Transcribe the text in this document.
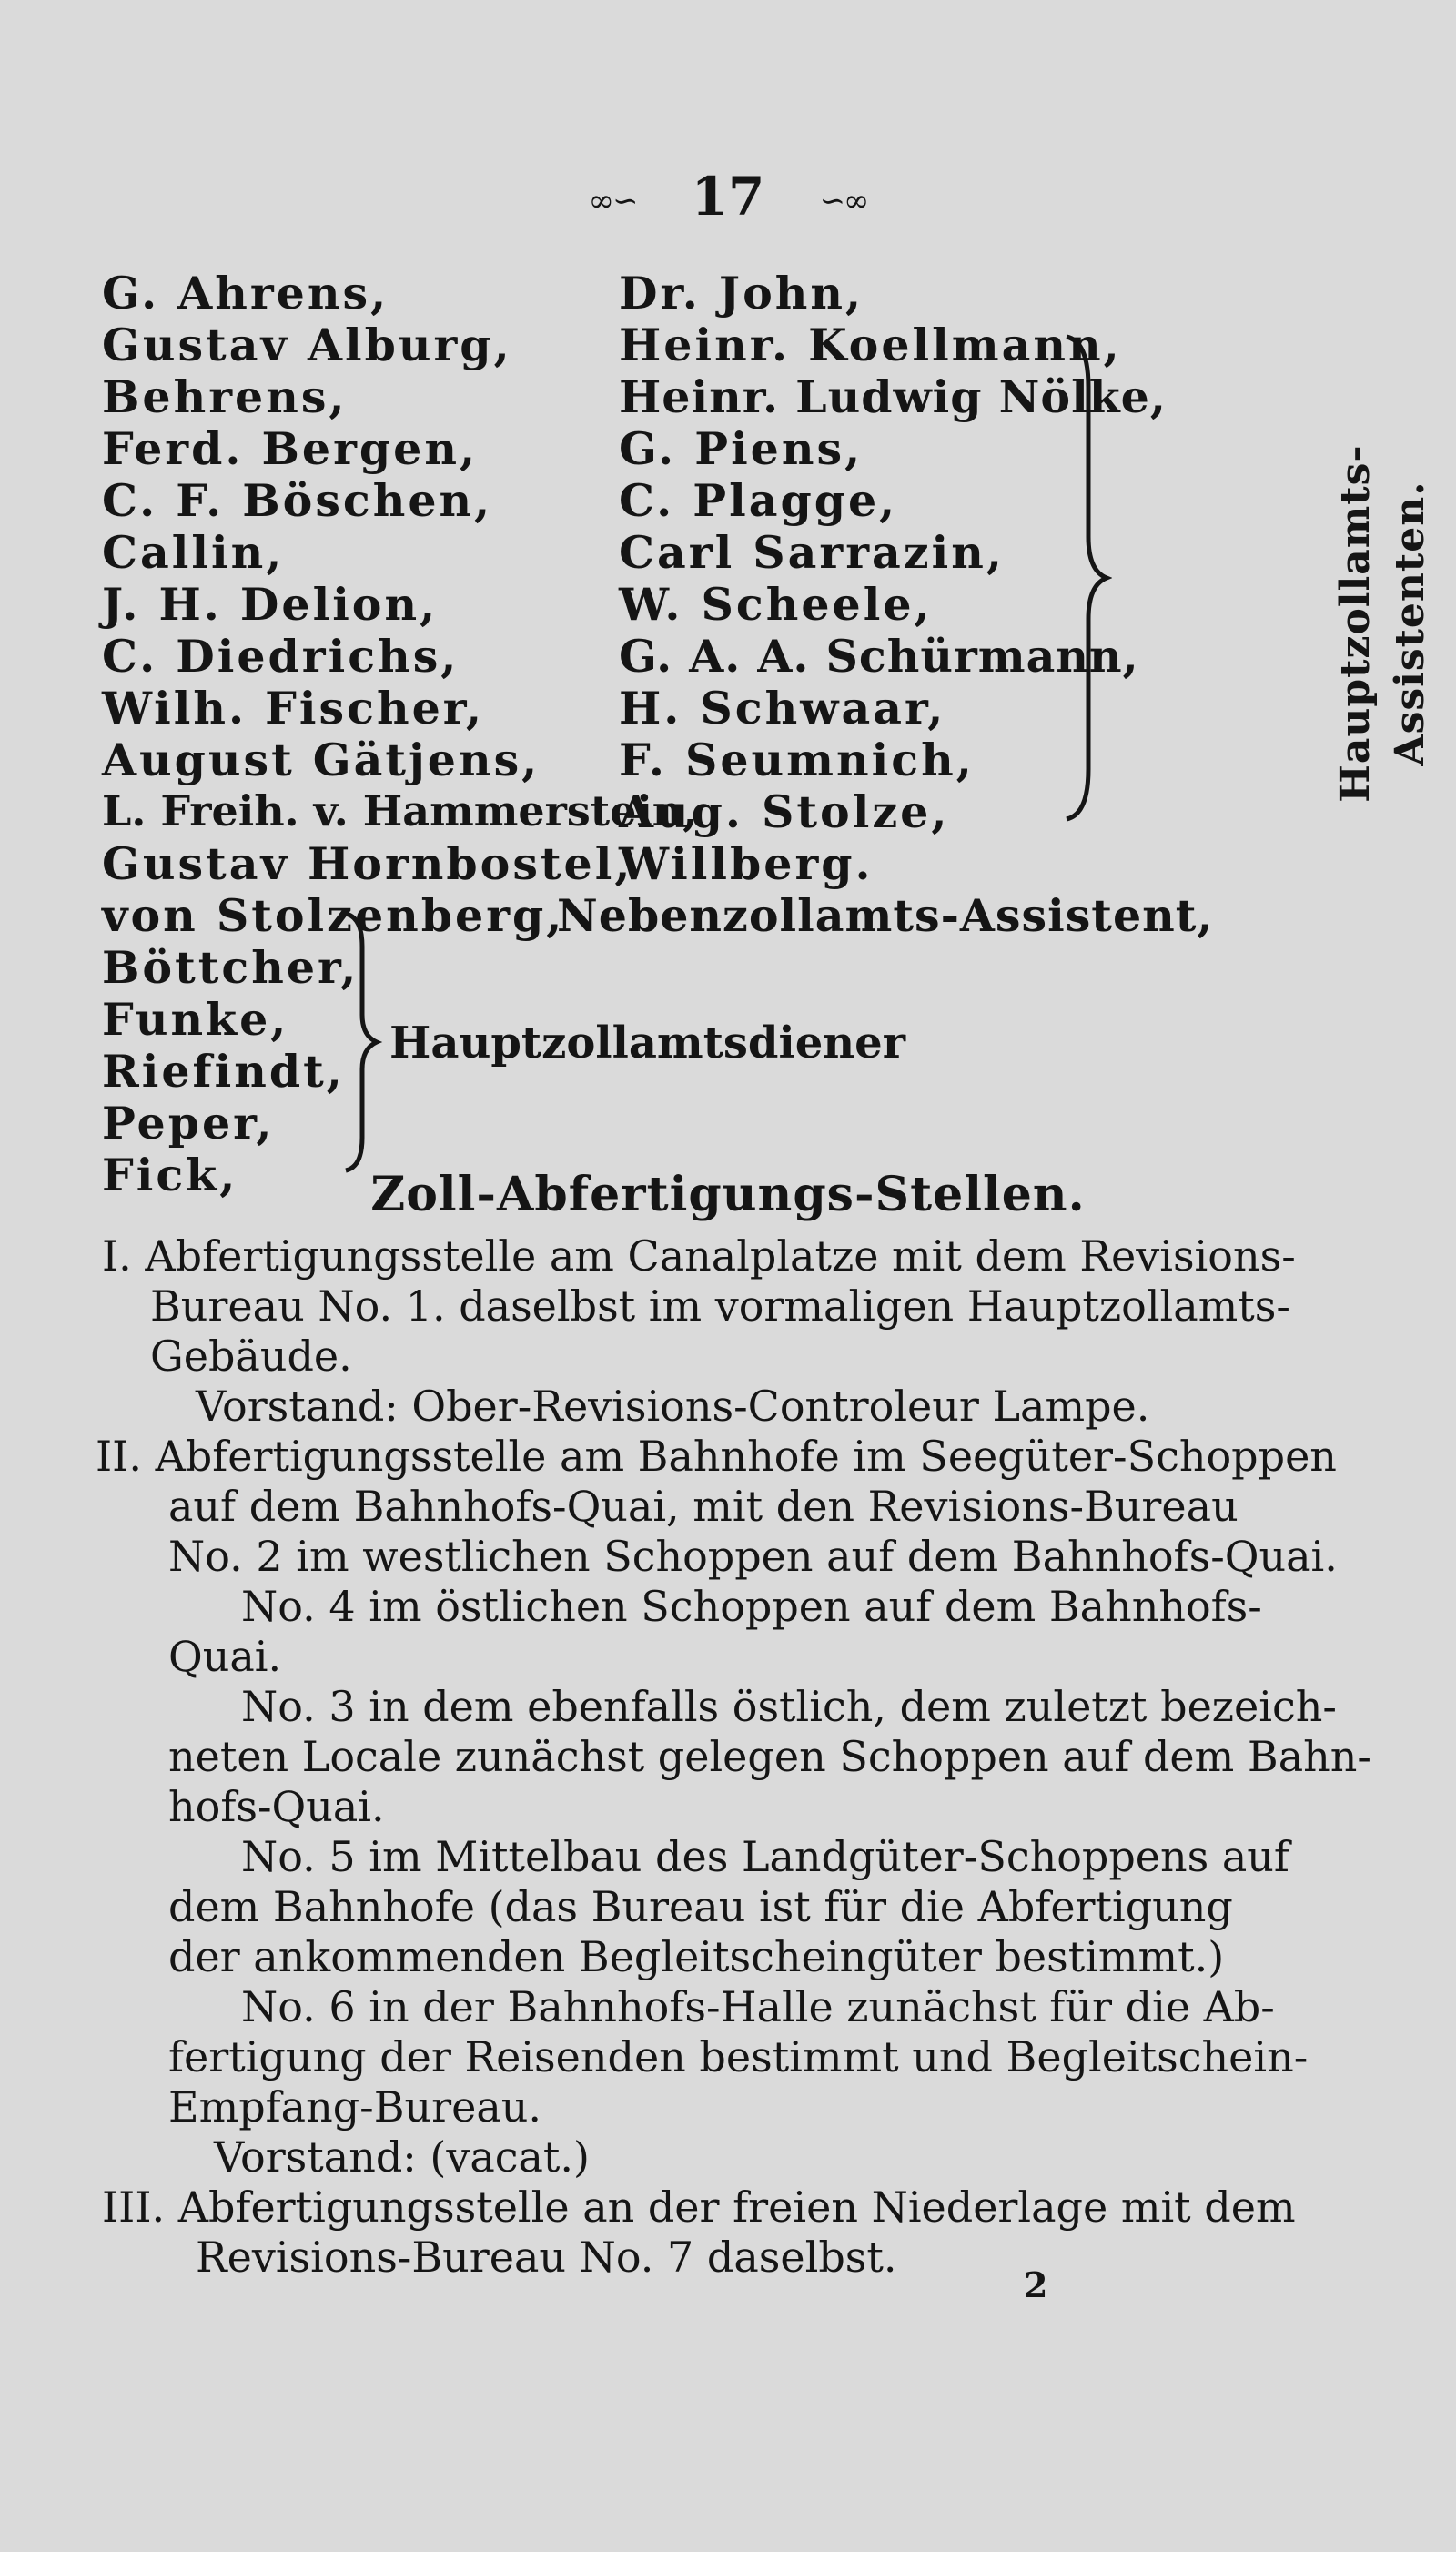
∞∽ 17 ∽∞
G. Ahrens,
Gustav Alburg,
Behrens,
Ferd. Bergen,
C. F. Böschen,
Callin,
J. H. Delion,
C. Diedrichs,
Wilh. Fischer,
August Gätjens,
L. Freih. v. Hammerstein,
Gustav Hornbostel,
von Stolzenberg,
Dr. John,
Heinr. Koellmann,
Heinr. Ludwig Nölke,
G. Piens,
C. Plagge,
Carl Sarrazin,
W. Scheele,
G. A. A. Schürmann,
H. Schwaar,
F. Seumnich,
Aug. Stolze,
Willberg.
Nebenzollamts-Assistent,
Hauptzollamts-Assistenten.
Böttcher,
Funke,
Riefindt,
Peper,
Fick,
Hauptzollamtsdiener
Zoll-Abfertigungs-Stellen.
I. Abfertigungsstelle am Canalplatze mit dem Revisions-
Bureau No. 1. daselbst im vormaligen Hauptzollamts-
Gebäude.
Vorstand: Ober-Revisions-Controleur Lampe.
II. Abfertigungsstelle am Bahnhofe im Seegüter-Schoppen
auf dem Bahnhofs-Quai, mit den Revisions-Bureau
No. 2 im westlichen Schoppen auf dem Bahnhofs-Quai.
No. 4 im östlichen Schoppen auf dem Bahnhofs-
Quai.
No. 3 in dem ebenfalls östlich, dem zuletzt bezeich-
neten Locale zunächst gelegen Schoppen auf dem Bahn-
hofs-Quai.
No. 5 im Mittelbau des Landgüter-Schoppens auf
dem Bahnhofe (das Bureau ist für die Abfertigung
der ankommenden Begleitscheingüter bestimmt.)
No. 6 in der Bahnhofs-Halle zunächst für die Ab-
fertigung der Reisenden bestimmt und Begleitschein-
Empfang-Bureau.
Vorstand: (vacat.)
III. Abfertigungsstelle an der freien Niederlage mit dem
Revisions-Bureau No. 7 daselbst.
2
